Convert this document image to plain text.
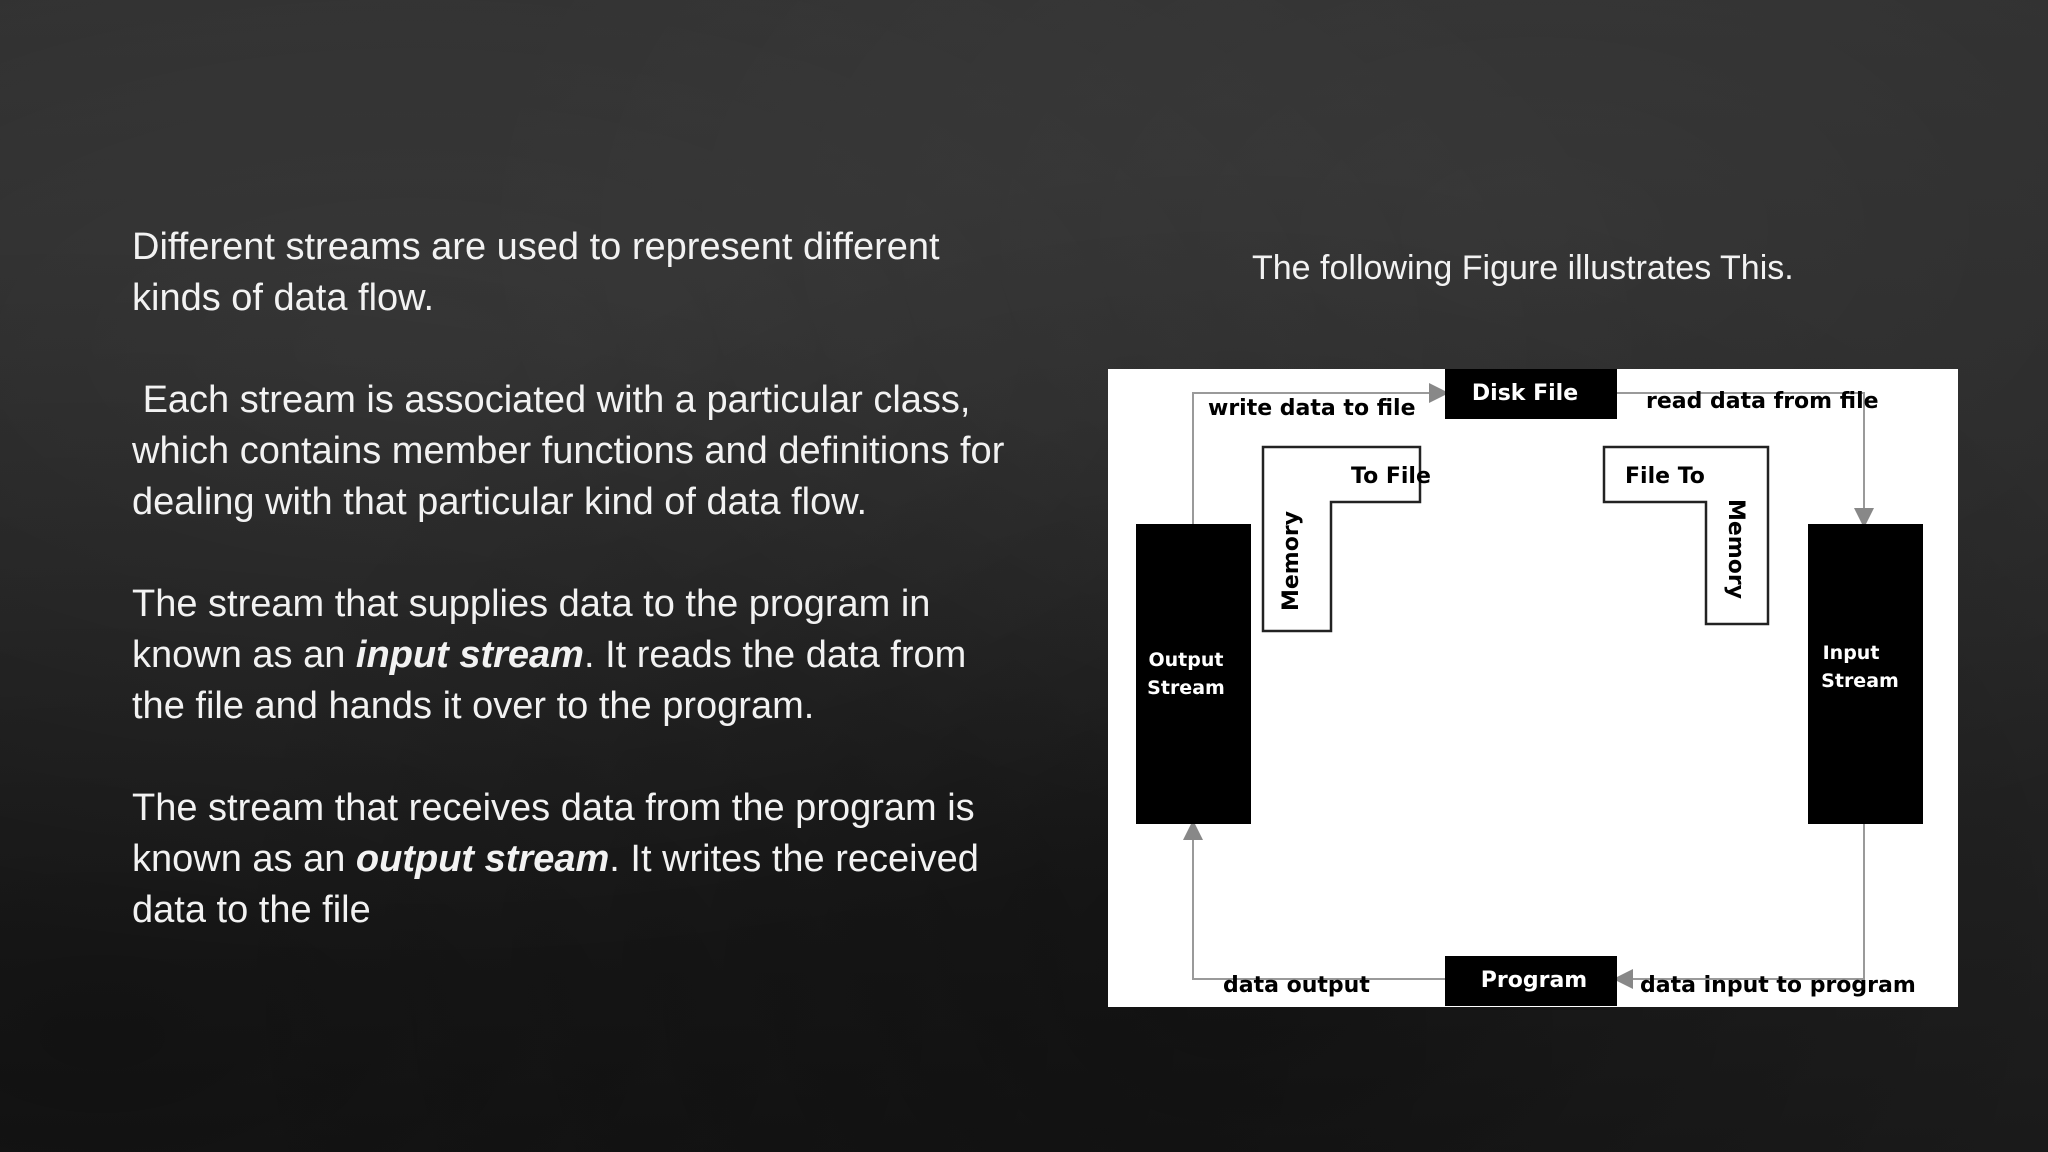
Different streams are used to represent different kinds of data flow.

Each stream is associated with a particular class, which contains member functions and definitions for dealing with that particular kind of data flow.

The stream that supplies data to the program in known as an input stream. It reads the data from the file and hands it over to the program.

The stream that receives data from the program is known as an output stream. It writes the received data to the file

The following Figure illustrates This.
Disk File
Program
Output
Stream
Input
Stream
write data to file	read data from file
data output	data input to program
To File
Memory
File To
Memory
